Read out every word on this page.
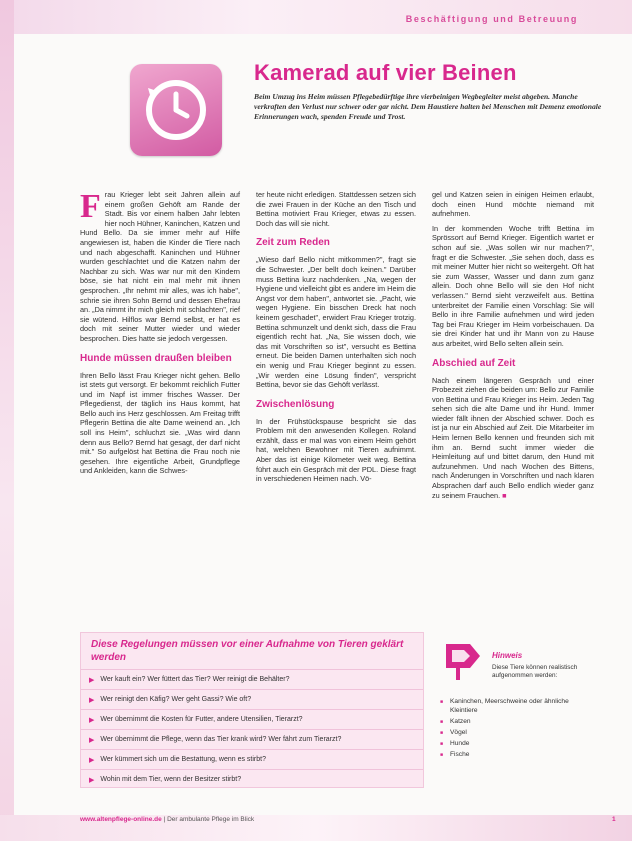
Beschäftigung und Betreuung
Kamerad auf vier Beinen

Beim Umzug ins Heim müssen Pflegebedürftige ihre vierbeinigen Wegbegleiter meist abgeben. Manche verkraften den Verlust nur schwer oder gar nicht. Dem Haustiere halten bei Menschen mit Demenz emotionale Erinnerungen wach, spenden Freude und Trost.

F rau Krieger lebt seit Jahren allein auf einem großen Gehöft am Rande der Stadt. Bis vor einem halben Jahr lebten hier noch Hühner, Kaninchen, Katzen und Hund Bello. Da sie immer mehr auf Hilfe angewiesen ist, haben die Kinder die Tiere nach und nach abgeschafft. Kaninchen und Hühner wurden geschlachtet und die Katzen nahm der Nachbar zu sich. Was war nur mit den Kindern böse, sie hat nicht ein mal mehr mit ihnen gesprochen. „Ihr nehmt mir alles, was ich habe", schrie sie ihren Sohn Bernd und dessen Ehefrau an. „Da nimmt ihr mich gleich mit schlachten", rief sie wütend. Hilflos war Bernd selbst, er hat es doch mit seiner Mutter wieder und wieder besprochen. Dies hatte sie jedoch vergessen.

Hunde müssen draußen bleiben

Ihren Bello lässt Frau Krieger nicht gehen. Bello ist stets gut versorgt. Er bekommt reichlich Futter und im Napf ist immer frisches Wasser. Der Pflegedienst, der täglich ins Haus kommt, hat Bello auch ins Herz geschlossen. Am Freitag trifft Pflegerin Bettina die alte Dame weinend an. „Ich soll ins Heim", schluchzt sie. „Was wird dann denn aus Bello? Bernd hat gesagt, der darf nicht mit." So aufgelöst hat Bettina die Frau noch nie gesehen. Ihre eigentliche Arbeit, Grundpflege und Ankleiden, kann die Schwes-

ter heute nicht erledigen. Stattdessen setzen sich die zwei Frauen in der Küche an den Tisch und Bettina motiviert Frau Krieger, etwas zu essen. Doch das will sie nicht.

Zeit zum Reden

„Wieso darf Bello nicht mitkommen?", fragt sie die Schwester. „Der bellt doch keinen." Darüber muss Bettina kurz nachdenken. „Na, wegen der Hygiene und vielleicht gibt es andere im Heim die Angst vor dem haben", antwortet sie. „Pacht, wie wegen Hygiene. Ein bisschen Dreck hat noch keinem geschadet", erwidert Frau Krieger trotzig. Bettina schmunzelt und denkt sich, dass die Frau eigentlich recht hat. „Na, Sie wissen doch, wie das mit Vorschriften so ist", versucht es Bettina erneut. Die beiden Damen unterhalten sich noch ein wenig und Frau Krieger beginnt zu essen. „Wir werden eine Lösung finden", verspricht Bettina, bevor sie das Gehöft verlässt.

Zwischenlösung

In der Frühstückspause bespricht sie das Problem mit den anwesenden Kollegen. Roland erzählt, dass er mal was von einem Heim gehört hat, welchen Bewohner mit Tieren aufnimmt. Aber das ist einige Kilometer weit weg. Bettina führt auch ein Gespräch mit der PDL. Diese fragt in verschiedenen Heimen nach. Vö-

gel und Katzen seien in einigen Heimen erlaubt, doch einen Hund möchte niemand mit aufnehmen.

In der kommenden Woche trifft Bettina im Sprössort auf Bernd Krieger. Eigentlich wartet er schon auf sie. „Was sollen wir nur machen?", fragt er die Schwester. „Sie sehen doch, dass es mit meiner Mutter hier nicht so weitergeht. Oft hat sie zum Wasser, Wasser und dann zum ganz allein. Doch ohne Bello will sie den Hof nicht verlassen." Bernd sieht verzweifelt aus. Bettina unterbreitet der Familie einen Vorschlag: Sie will Bello in ihre Familie aufnehmen und wird jeden Tag bei Frau Krieger im Heim vorbeischauen. Da sie drei Kinder hat und ihr Mann von zu Hause aus arbeitet, wird Bello selten allein sein.

Abschied auf Zeit

Nach einem längeren Gespräch und einer Probezeit ziehen die beiden um: Bello zur Familie von Bettina und Frau Krieger ins Heim. Jeden Tag sehen sich die alte Dame und ihr Hund. Immer wieder fällt ihnen der Abschied schwer. Doch es ist ja nur ein Abschied auf Zeit. Die Mitarbeiter im Heim lernen Bello kennen und freunden sich mit ihm an. Bernd sucht immer wieder die Heimleitung auf und bittet darum, den Hund mit aufzunehmen. Und nach Wochen des Bittens, nach Änderungen in Vorschriften und nach klaren Absprachen darf auch Bello endlich wieder ganz zu seinem Frauchen. ■

Diese Regelungen müssen vor einer Aufnahme von Tieren geklärt werden
▶ Wer kauft ein? Wer füttert das Tier? Wer reinigt die Behälter?
▶ Wer reinigt den Käfig? Wer geht Gassi? Wie oft?
▶ Wer übernimmt die Kosten für Futter, andere Utensilien, Tierarzt?
▶ Wer übernimmt die Pflege, wenn das Tier krank wird? Wer fährt zum Tierarzt?
▶ Wer kümmert sich um die Bestattung, wenn es stirbt?
▶ Wohin mit dem Tier, wenn der Besitzer stirbt?
Hinweis
Diese Tiere können realistisch aufgenommen werden:
■ Kaninchen, Meerschweine oder ähnliche Kleintiere
■ Katzen
■ Vögel
■ Hunde
■ Fische
www.altenpflege-online.de | Der ambulante Pflege im Blick	1
